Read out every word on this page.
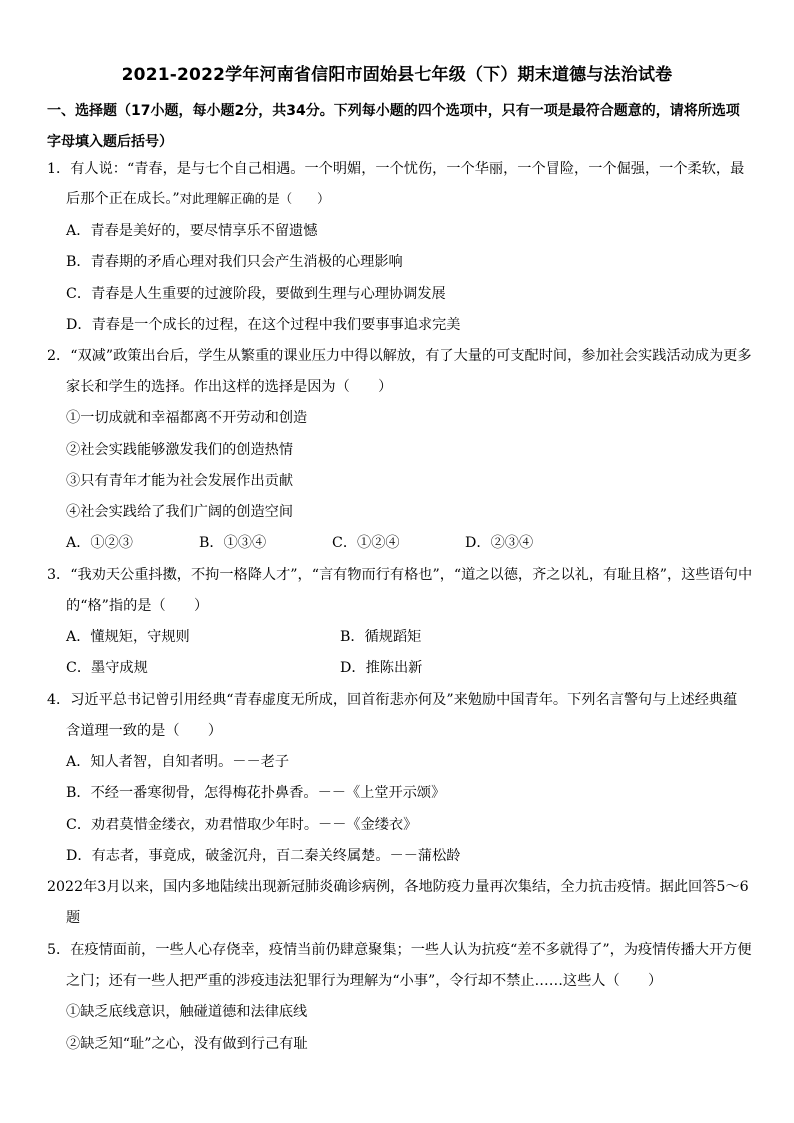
2021-2022学年河南省信阳市固始县七年级（下）期末道德与法治试卷
一、选择题（17小题，每小题2分，共34分。下列每小题的四个选项中，只有一项是最符合题意的，请将所选项
字母填入题后括号）
1．有人说：“青春，是与七个自己相遇。一个明媚，一个忧伤，一个华丽，一个冒险，一个倔强，一个柔软，最
后那个正在成长。”对此理解正确的是（　　）
A．青春是美好的，要尽情享乐不留遗憾
B．青春期的矛盾心理对我们只会产生消极的心理影响
C．青春是人生重要的过渡阶段，要做到生理与心理协调发展
D．青春是一个成长的过程，在这个过程中我们要事事追求完美
2．“双减”政策出台后，学生从繁重的课业压力中得以解放，有了大量的可支配时间，参加社会实践活动成为更多
家长和学生的选择。作出这样的选择是因为（　　）
①一切成就和幸福都离不开劳动和创造
②社会实践能够激发我们的创造热情
③只有青年才能为社会发展作出贡献
④社会实践给了我们广阔的创造空间
A．①②③	B．①③④	C．①②④	D．②③④
3．“我劝天公重抖擞，不拘一格降人才”，“言有物而行有格也”，“道之以德，齐之以礼，有耻且格”，这些语句中
的“格”指的是（　　）
A．懂规矩，守规则	B．循规蹈矩
C．墨守成规	D．推陈出新
4．习近平总书记曾引用经典“青春虚度无所成，回首衔悲亦何及”来勉励中国青年。下列名言警句与上述经典蕴
含道理一致的是（　　）
A．知人者智，自知者明。－－老子
B．不经一番寒彻骨，怎得梅花扑鼻香。－－《上堂开示颂》
C．劝君莫惜金缕衣，劝君惜取少年时。－－《金缕衣》
D．有志者，事竟成，破釜沉舟，百二秦关终属楚。－－蒲松龄
2022年3月以来，国内多地陆续出现新冠肺炎确诊病例，各地防疫力量再次集结，全力抗击疫情。据此回答5～6
题
5．在疫情面前，一些人心存侥幸，疫情当前仍肆意聚集；一些人认为抗疫“差不多就得了”，为疫情传播大开方便
之门；还有一些人把严重的涉疫违法犯罪行为理解为“小事”，令行却不禁止……这些人（　　）
①缺乏底线意识，触碰道德和法律底线
②缺乏知“耻”之心，没有做到行己有耻
